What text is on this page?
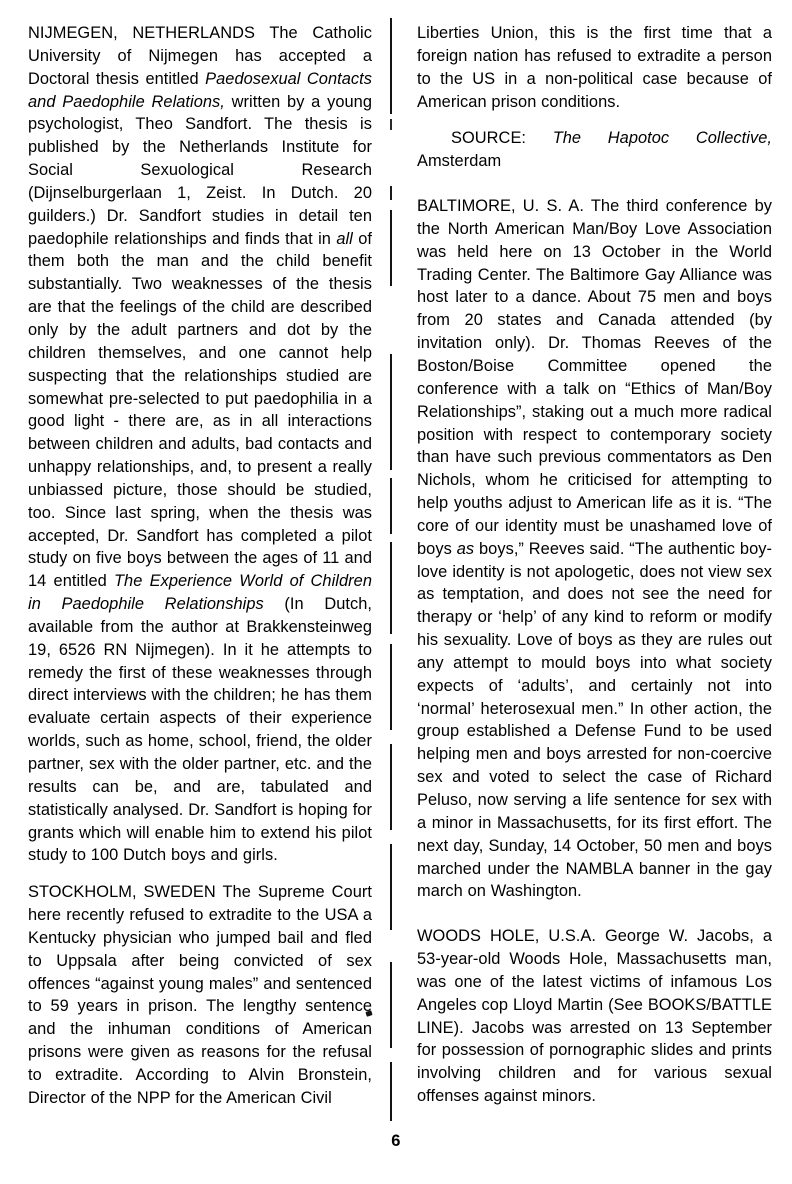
NIJMEGEN, NETHERLANDS The Catholic University of Nijmegen has accepted a Doctoral thesis entitled Paedosexual Contacts and Paedophile Relations, written by a young psychologist, Theo Sandfort. The thesis is published by the Netherlands Institute for Social Sexuological Research (Dijnselburgerlaan 1, Zeist. In Dutch. 20 guilders.) Dr. Sandfort studies in detail ten paedophile relationships and finds that in all of them both the man and the child benefit substantially. Two weaknesses of the thesis are that the feelings of the child are described only by the adult partners and dot by the children themselves, and one cannot help suspecting that the relationships studied are somewhat pre-selected to put paedophilia in a good light - there are, as in all interactions between children and adults, bad contacts and unhappy relationships, and, to present a really unbiassed picture, those should be studied, too. Since last spring, when the thesis was accepted, Dr. Sandfort has completed a pilot study on five boys between the ages of 11 and 14 entitled The Experience World of Children in Paedophile Relationships (In Dutch, available from the author at Brakkensteinweg 19, 6526 RN Nijmegen). In it he attempts to remedy the first of these weaknesses through direct interviews with the children; he has them evaluate certain aspects of their experience worlds, such as home, school, friend, the older partner, sex with the older partner, etc. and the results can be, and are, tabulated and statistically analysed. Dr. Sandfort is hoping for grants which will enable him to extend his pilot study to 100 Dutch boys and girls.

STOCKHOLM, SWEDEN The Supreme Court here recently refused to extradite to the USA a Kentucky physician who jumped bail and fled to Uppsala after being convicted of sex offences “against young males” and sentenced to 59 years in prison. The lengthy sentence and the inhuman conditions of American prisons were given as reasons for the refusal to extradite. According to Alvin Bronstein, Director of the NPP for the American Civil

Liberties Union, this is the first time that a foreign nation has refused to extradite a person to the US in a non-political case because of American prison conditions.

SOURCE: The Hapotoc Collective, Amsterdam

BALTIMORE, U. S. A. The third conference by the North American Man/Boy Love Association was held here on 13 October in the World Trading Center. The Baltimore Gay Alliance was host later to a dance. About 75 men and boys from 20 states and Canada attended (by invitation only). Dr. Thomas Reeves of the Boston/Boise Committee opened the conference with a talk on “Ethics of Man/Boy Relationships”, staking out a much more radical position with respect to contemporary society than have such previous commentators as Den Nichols, whom he criticised for attempting to help youths adjust to American life as it is. “The core of our identity must be unashamed love of boys as boys,” Reeves said. “The authentic boy-love identity is not apologetic, does not view sex as temptation, and does not see the need for therapy or ‘help’ of any kind to reform or modify his sexuality. Love of boys as they are rules out any attempt to mould boys into what society expects of ‘adults’, and certainly not into ‘normal’ heterosexual men.” In other action, the group established a Defense Fund to be used helping men and boys arrested for non-coercive sex and voted to select the case of Richard Peluso, now serving a life sentence for sex with a minor in Massachusetts, for its first effort. The next day, Sunday, 14 October, 50 men and boys marched under the NAMBLA banner in the gay march on Washington.

WOODS HOLE, U.S.A. George W. Jacobs, a 53-year-old Woods Hole, Massachusetts man, was one of the latest victims of infamous Los Angeles cop Lloyd Martin (See BOOKS/BATTLE LINE). Jacobs was arrested on 13 September for possession of pornographic slides and prints involving children and for various sexual offenses against minors.

6
